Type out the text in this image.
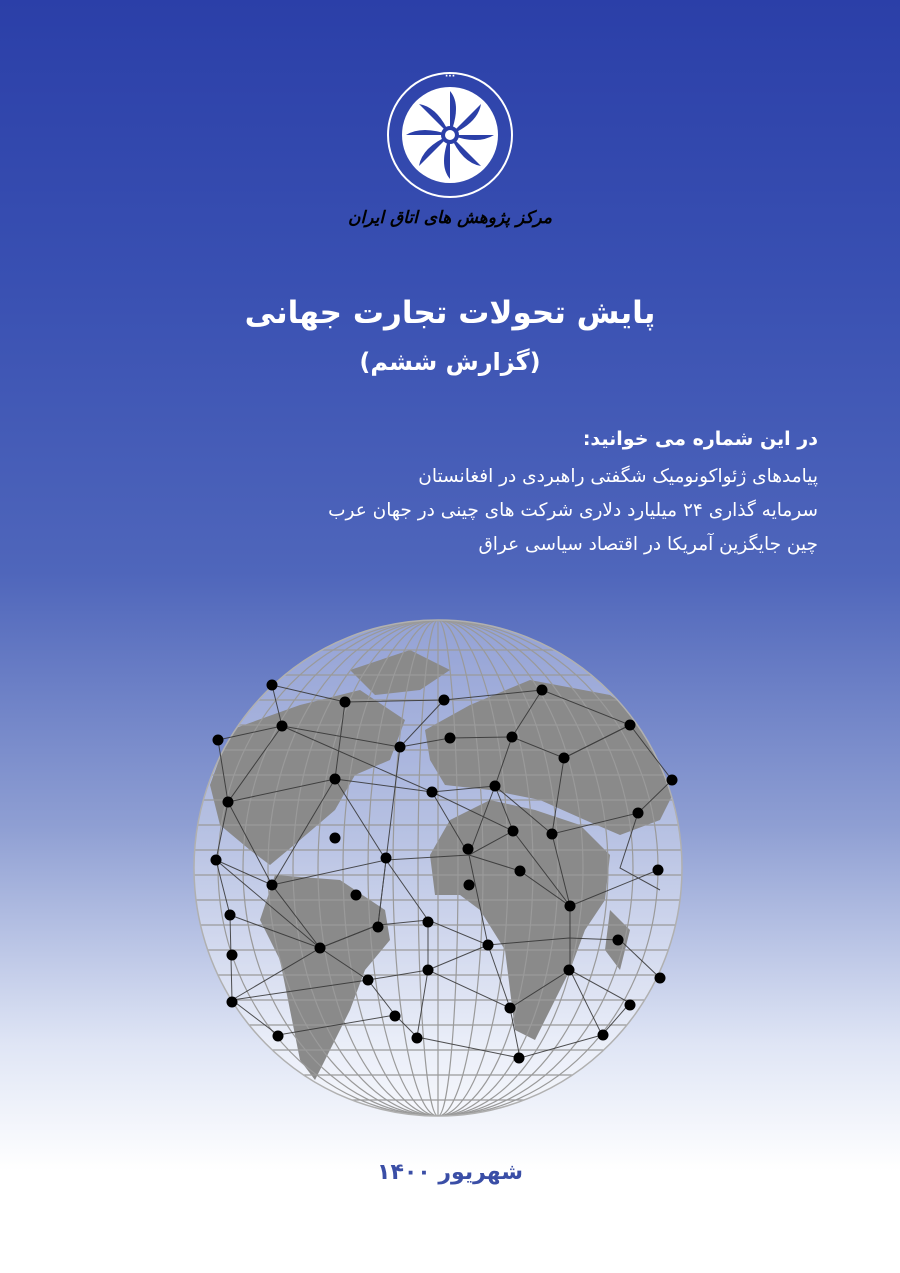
···
مرکز پژوهش های اتاق ایران
پایش تحولات تجارت جهانی
(گزارش ششم)
در این شماره می خوانید:
پیامدهای ژئواکونومیک شگفتی راهبردی در افغانستان
سرمایه گذاری ۲۴ میلیارد دلاری شرکت های چینی در جهان عرب
چین جایگزین آمریکا در اقتصاد سیاسی عراق
شهریور ۱۴۰۰
